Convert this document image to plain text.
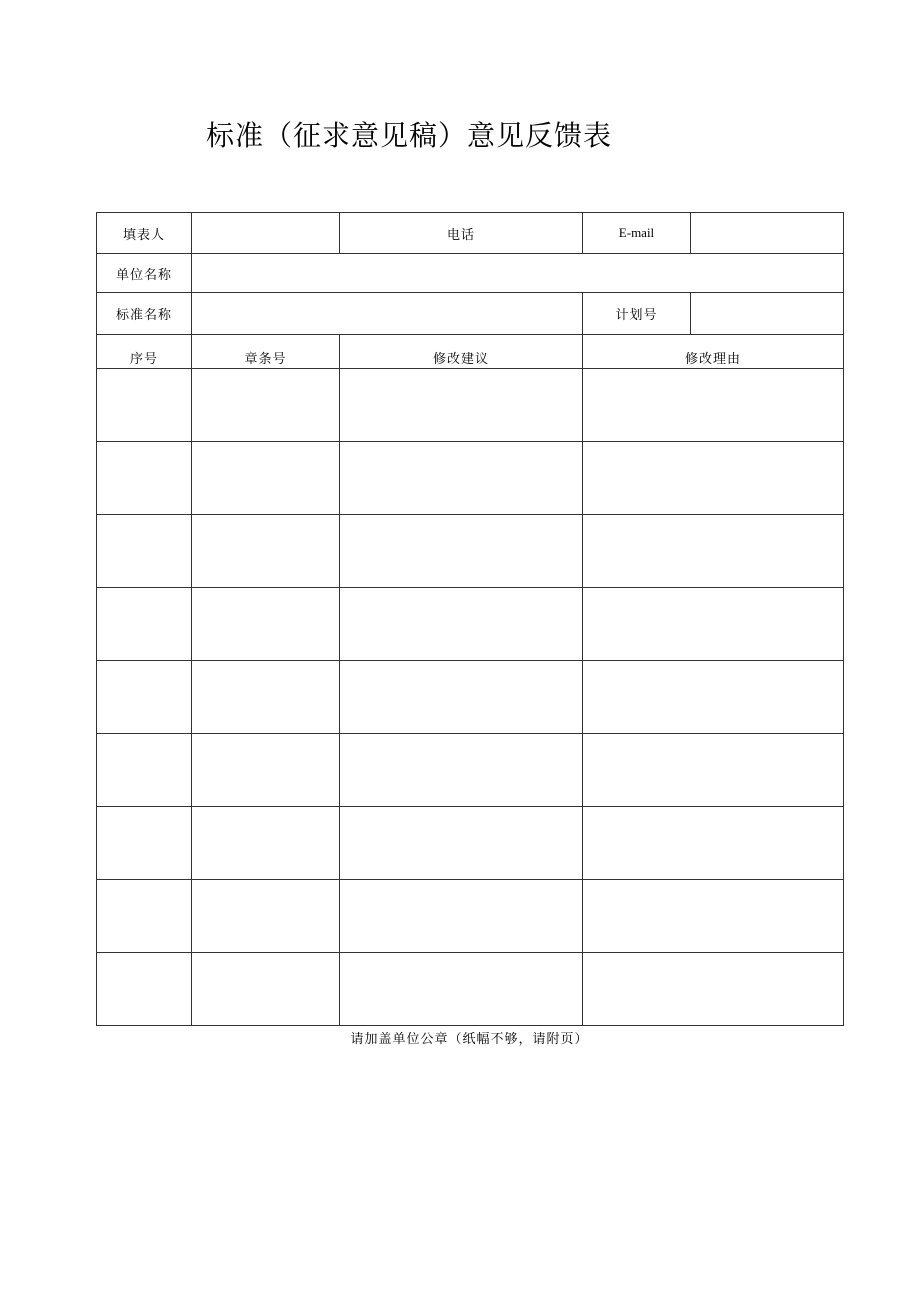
标准（征求意见稿）意见反馈表
填表人		电话	E-mail	

单位名称				

标准名称			计划号	

序号	章条号	修改建议	修改理由	

请加盖单位公章（纸幅不够，请附页）
